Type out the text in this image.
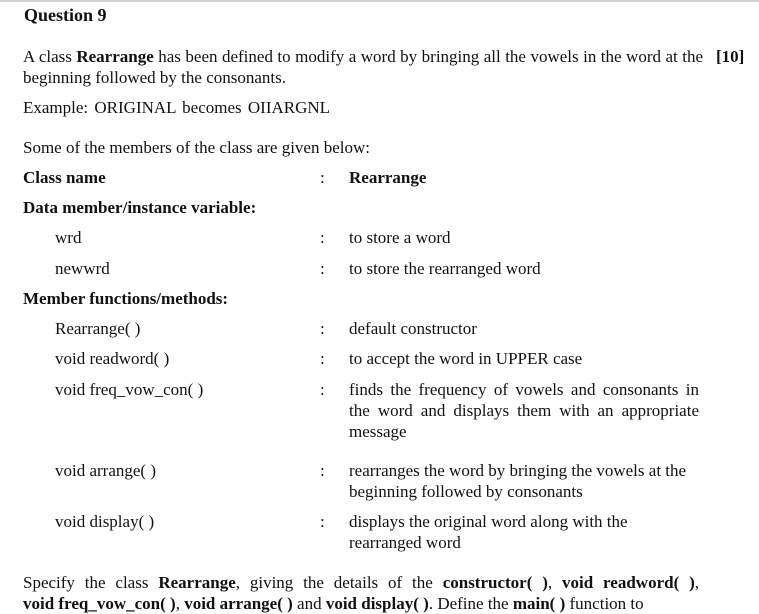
Question 9
A class Rearrange has been defined to modify a word by bringing all the vowels in the word at the beginning followed by the consonants.
[10]
Example: ORIGINAL becomes OIIARGNL
Some of the members of the class are given below:
Class name	: Rearrange
Data member/instance variable:
wrd	: to store a word
newwrd	: to store the rearranged word
Member functions/methods:
Rearrange( )	: default constructor
void readword( )	: to accept the word in UPPER case
void freq_vow_con( )	: finds the frequency of vowels and consonants in the word and displays them with an appropriate message
void arrange( )	: rearranges the word by bringing the vowels at the beginning followed by consonants
void display( )	: displays the original word along with the rearranged word
Specify the class Rearrange, giving the details of the constructor( ), void readword( ),
void freq_vow_con( ), void arrange( ) and void display( ). Define the main( ) function to
